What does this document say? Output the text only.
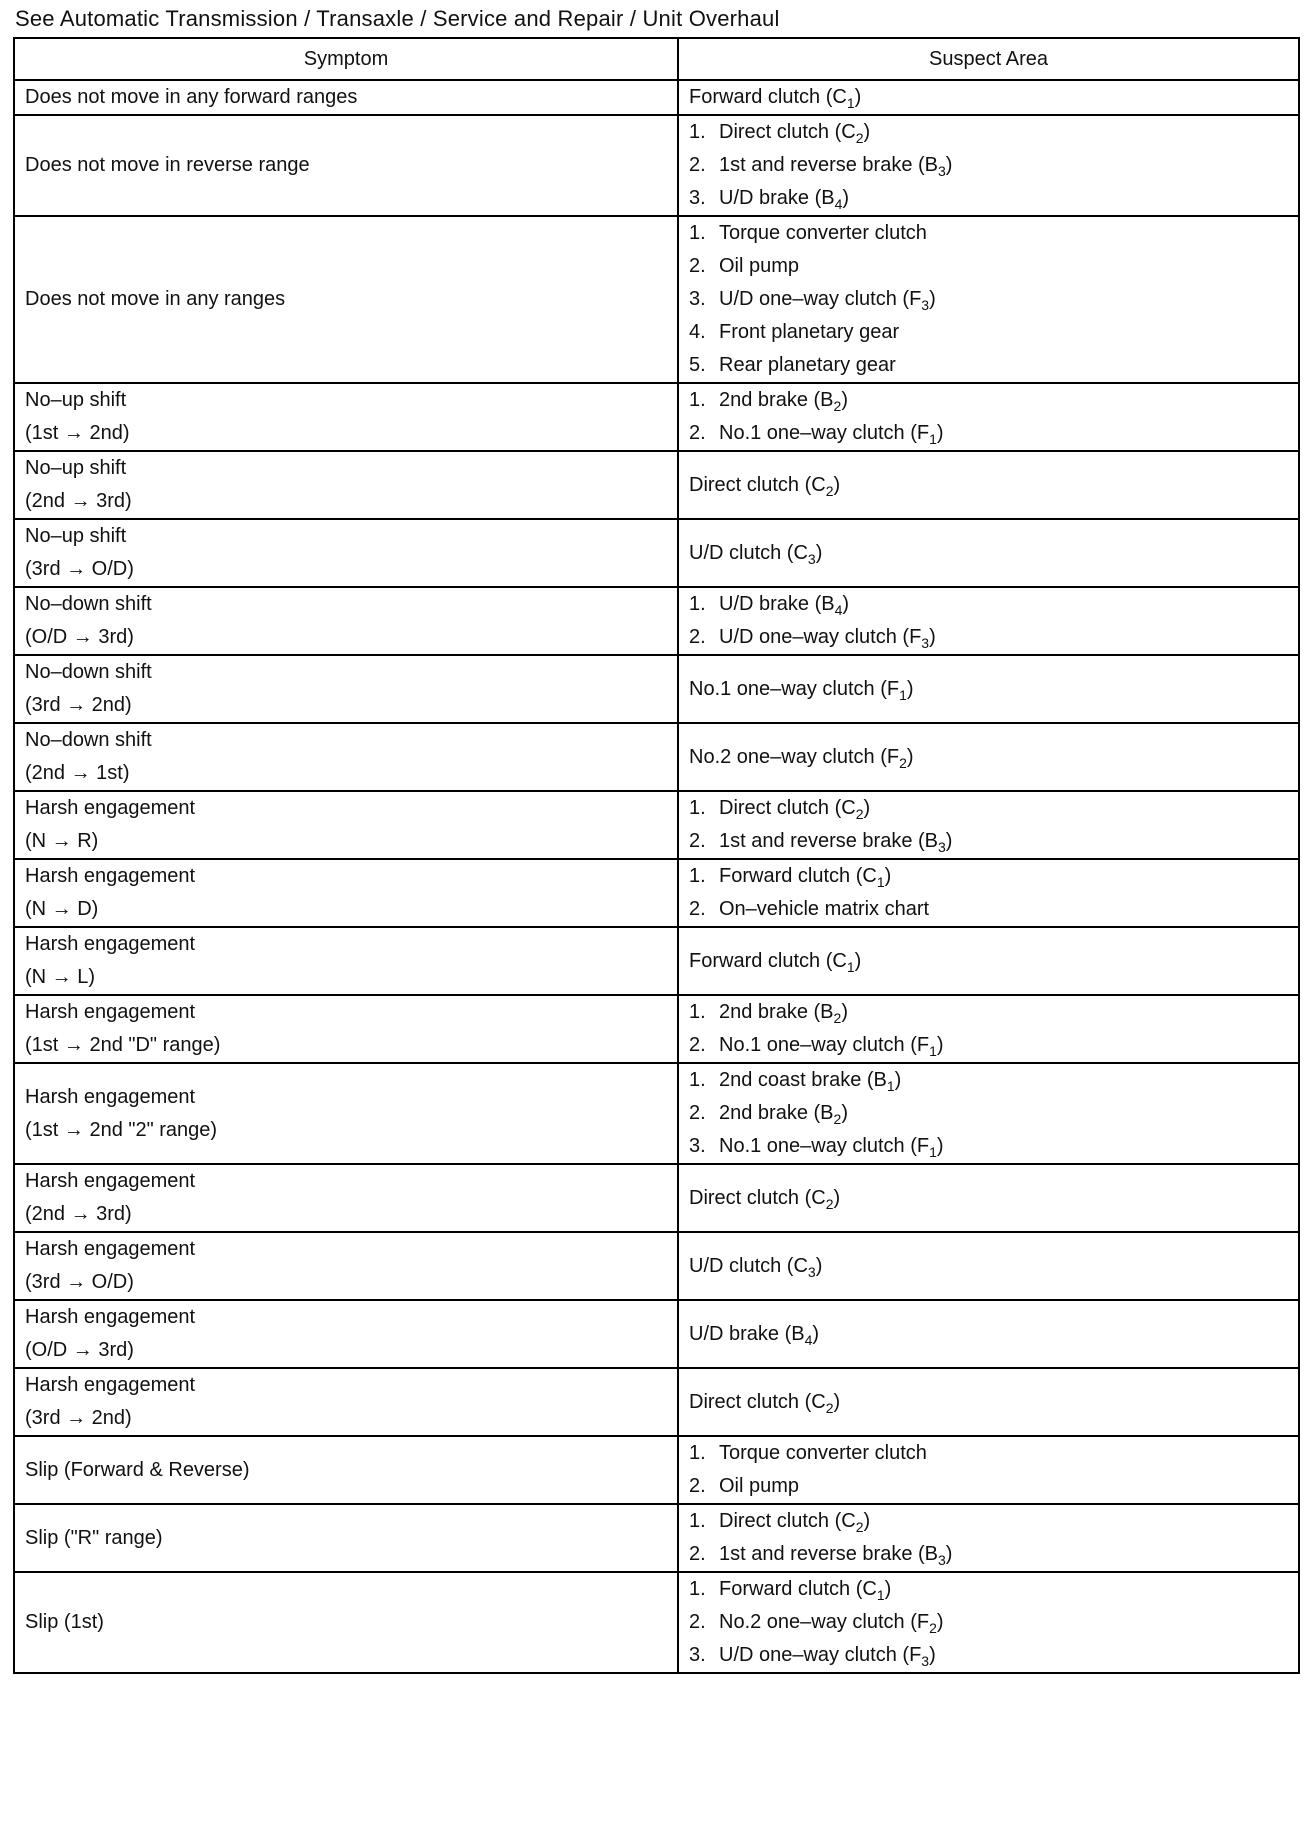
See Automatic Transmission / Transaxle / Service and Repair / Unit Overhaul
Symptom	Suspect Area

Does not move in any forward ranges	Forward clutch $(C_1)$

Does not move in reverse range	1. Direct clutch $(C_2)$
2. 1st and reverse brake $(B_3)$
3. U/D brake $(B_4)$

Does not move in any ranges	1. Torque converter clutch
2. Oil pump
3. U/D one–way clutch $(F_3)$
4. Front planetary gear
5. Rear planetary gear

No–up shift
(1st → 2nd)	1. 2nd brake $(B_2)$
2. No.1 one–way clutch $(F_1)$

No–up shift
(2nd → 3rd)	Direct clutch $(C_2)$

No–up shift
(3rd → O/D)	U/D clutch $(C_3)$

No–down shift
(O/D → 3rd)	1. U/D brake $(B_4)$
2. U/D one–way clutch $(F_3)$

No–down shift
(3rd → 2nd)	No.1 one–way clutch $(F_1)$

No–down shift
(2nd → 1st)	No.2 one–way clutch $(F_2)$

Harsh engagement
(N → R)	1. Direct clutch $(C_2)$
2. 1st and reverse brake $(B_3)$

Harsh engagement
(N → D)	1. Forward clutch $(C_1)$
2. On–vehicle matrix chart

Harsh engagement
(N → L)	Forward clutch $(C_1)$

Harsh engagement
(1st → 2nd "D" range)	1. 2nd brake $(B_2)$
2. No.1 one–way clutch $(F_1)$

Harsh engagement
(1st → 2nd "2" range)	1. 2nd coast brake $(B_1)$
2. 2nd brake $(B_2)$
3. No.1 one–way clutch $(F_1)$

Harsh engagement
(2nd → 3rd)	Direct clutch $(C_2)$

Harsh engagement
(3rd → O/D)	U/D clutch $(C_3)$

Harsh engagement
(O/D → 3rd)	U/D brake $(B_4)$

Harsh engagement
(3rd → 2nd)	Direct clutch $(C_2)$

Slip (Forward & Reverse)	1. Torque converter clutch
2. Oil pump

Slip ("R" range)	1. Direct clutch $(C_2)$
2. 1st and reverse brake $(B_3)$

Slip (1st)	1. Forward clutch $(C_1)$
2. No.2 one–way clutch $(F_2)$
3. U/D one–way clutch $(F_3)$
